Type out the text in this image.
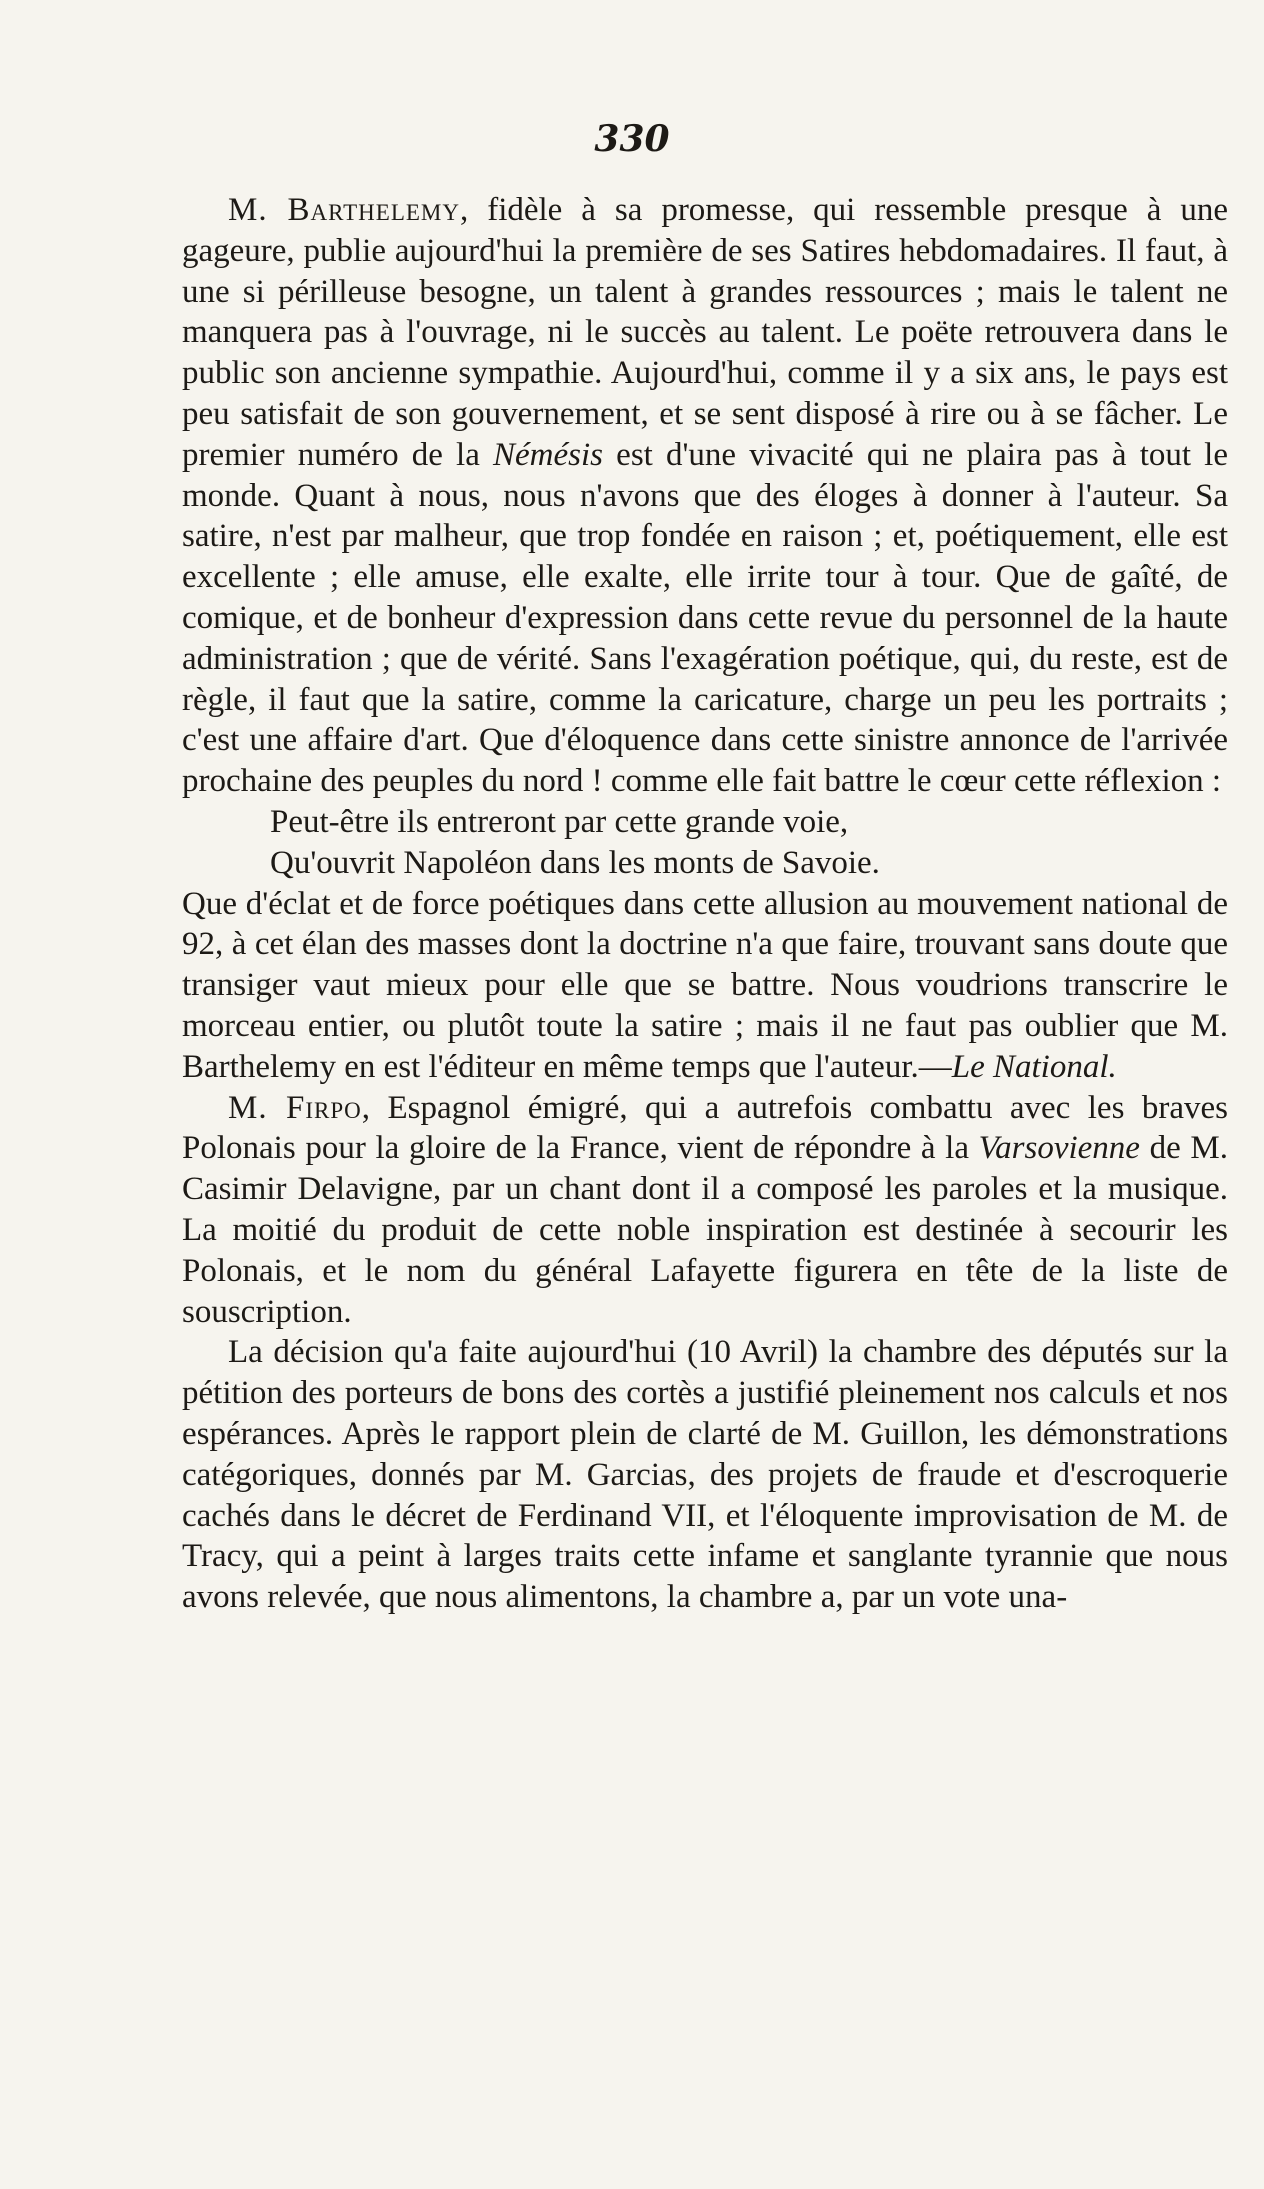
330

M. Barthelemy, fidèle à sa promesse, qui ressemble presque à une gageure, publie aujourd'hui la première de ses Satires hebdomadaires. Il faut, à une si périlleuse besogne, un talent à grandes ressources ; mais le talent ne manquera pas à l'ouvrage, ni le succès au talent. Le poëte retrouvera dans le public son ancienne sympathie. Aujourd'hui, comme il y a six ans, le pays est peu satisfait de son gouvernement, et se sent disposé à rire ou à se fâcher. Le premier numéro de la Némésis est d'une vivacité qui ne plaira pas à tout le monde. Quant à nous, nous n'avons que des éloges à donner à l'auteur. Sa satire, n'est par malheur, que trop fondée en raison ; et, poétiquement, elle est excellente ; elle amuse, elle exalte, elle irrite tour à tour. Que de gaîté, de comique, et de bonheur d'expression dans cette revue du personnel de la haute administration ; que de vérité. Sans l'exagération poétique, qui, du reste, est de règle, il faut que la satire, comme la caricature, charge un peu les portraits ; c'est une affaire d'art. Que d'éloquence dans cette sinistre annonce de l'arrivée prochaine des peuples du nord ! comme elle fait battre le cœur cette réflexion :

Peut-être ils entreront par cette grande voie,
Qu'ouvrit Napoléon dans les monts de Savoie.

Que d'éclat et de force poétiques dans cette allusion au mouvement national de 92, à cet élan des masses dont la doctrine n'a que faire, trouvant sans doute que transiger vaut mieux pour elle que se battre. Nous voudrions transcrire le morceau entier, ou plutôt toute la satire ; mais il ne faut pas oublier que M. Barthelemy en est l'éditeur en même temps que l'auteur.—Le National.

M. Firpo, Espagnol émigré, qui a autrefois combattu avec les braves Polonais pour la gloire de la France, vient de répondre à la Varsovienne de M. Casimir Delavigne, par un chant dont il a composé les paroles et la musique. La moitié du produit de cette noble inspiration est destinée à secourir les Polonais, et le nom du général Lafayette figurera en tête de la liste de souscription.

La décision qu'a faite aujourd'hui (10 Avril) la chambre des députés sur la pétition des porteurs de bons des cortès a justifié pleinement nos calculs et nos espérances. Après le rapport plein de clarté de M. Guillon, les démonstrations catégoriques, donnés par M. Garcias, des projets de fraude et d'escroquerie cachés dans le décret de Ferdinand VII, et l'éloquente improvisation de M. de Tracy, qui a peint à larges traits cette infame et sanglante tyrannie que nous avons relevée, que nous alimentons, la chambre a, par un vote una-
